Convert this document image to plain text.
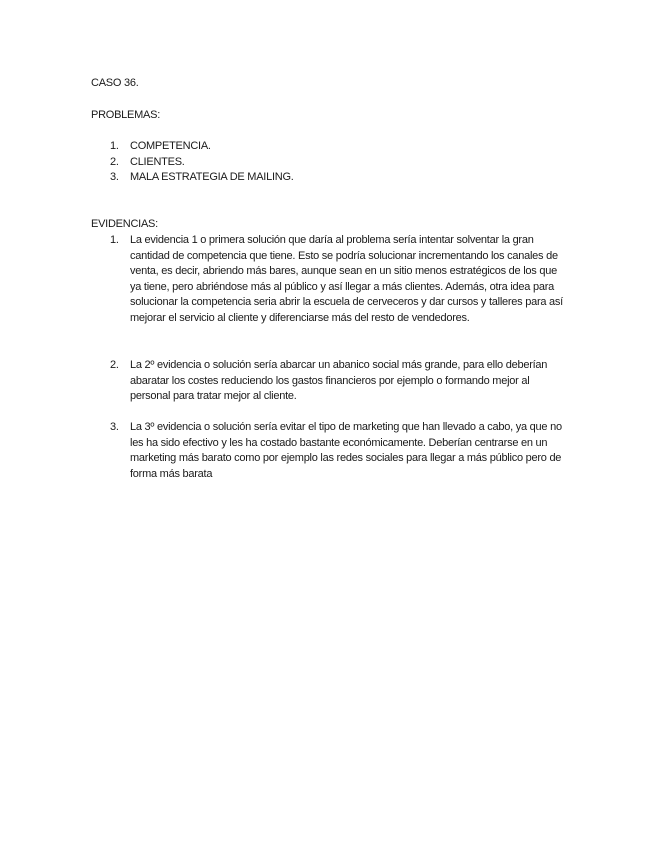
CASO 36.

PROBLEMAS:

1. COMPETENCIA.
2. CLIENTES.
3. MALA ESTRATEGIA DE MAILING.

EVIDENCIAS:

1. La evidencia 1 o primera solución que daría al problema sería intentar solventar la gran cantidad de competencia que tiene. Esto se podría solucionar incrementando los canales de venta, es decir, abriendo más bares, aunque sean en un sitio menos estratégicos de los que ya tiene, pero abriéndose más al público y así llegar a más clientes. Además, otra idea para solucionar la competencia seria abrir la escuela de cerveceros y dar cursos y talleres para así mejorar el servicio al cliente y diferenciarse más del resto de vendedores.

2. La 2º evidencia o solución sería abarcar un abanico social más grande, para ello deberían abaratar los costes reduciendo los gastos financieros por ejemplo o formando mejor al personal para tratar mejor al cliente.

3. La 3º evidencia o solución sería evitar el tipo de marketing que han llevado a cabo, ya que no les ha sido efectivo y les ha costado bastante económicamente. Deberían centrarse en un marketing más barato como por ejemplo las redes sociales para llegar a más público pero de forma más barata
